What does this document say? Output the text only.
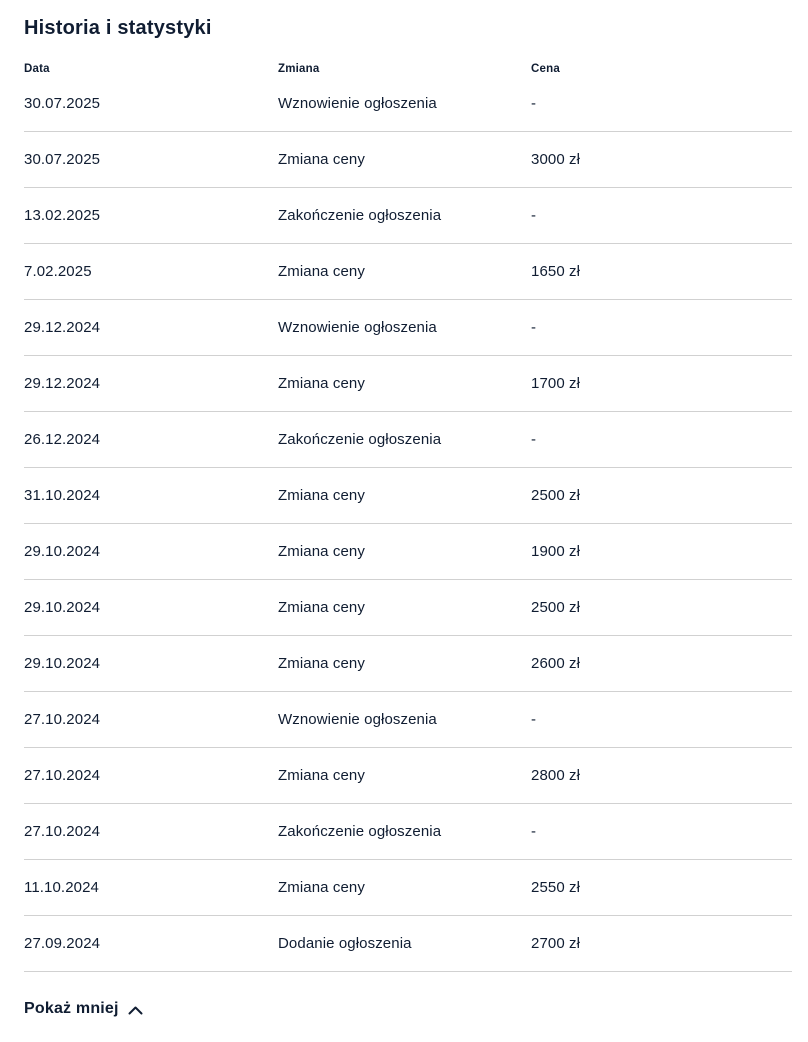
Historia i statystyki
Data	Zmiana	Cena
30.07.2025	Wznowienie ogłoszenia	-
30.07.2025	Zmiana ceny	3000 zł
13.02.2025	Zakończenie ogłoszenia	-
7.02.2025	Zmiana ceny	1650 zł
29.12.2024	Wznowienie ogłoszenia	-
29.12.2024	Zmiana ceny	1700 zł
26.12.2024	Zakończenie ogłoszenia	-
31.10.2024	Zmiana ceny	2500 zł
29.10.2024	Zmiana ceny	1900 zł
29.10.2024	Zmiana ceny	2500 zł
29.10.2024	Zmiana ceny	2600 zł
27.10.2024	Wznowienie ogłoszenia	-
27.10.2024	Zmiana ceny	2800 zł
27.10.2024	Zakończenie ogłoszenia	-
11.10.2024	Zmiana ceny	2550 zł
27.09.2024	Dodanie ogłoszenia	2700 zł
Pokaż mniej
